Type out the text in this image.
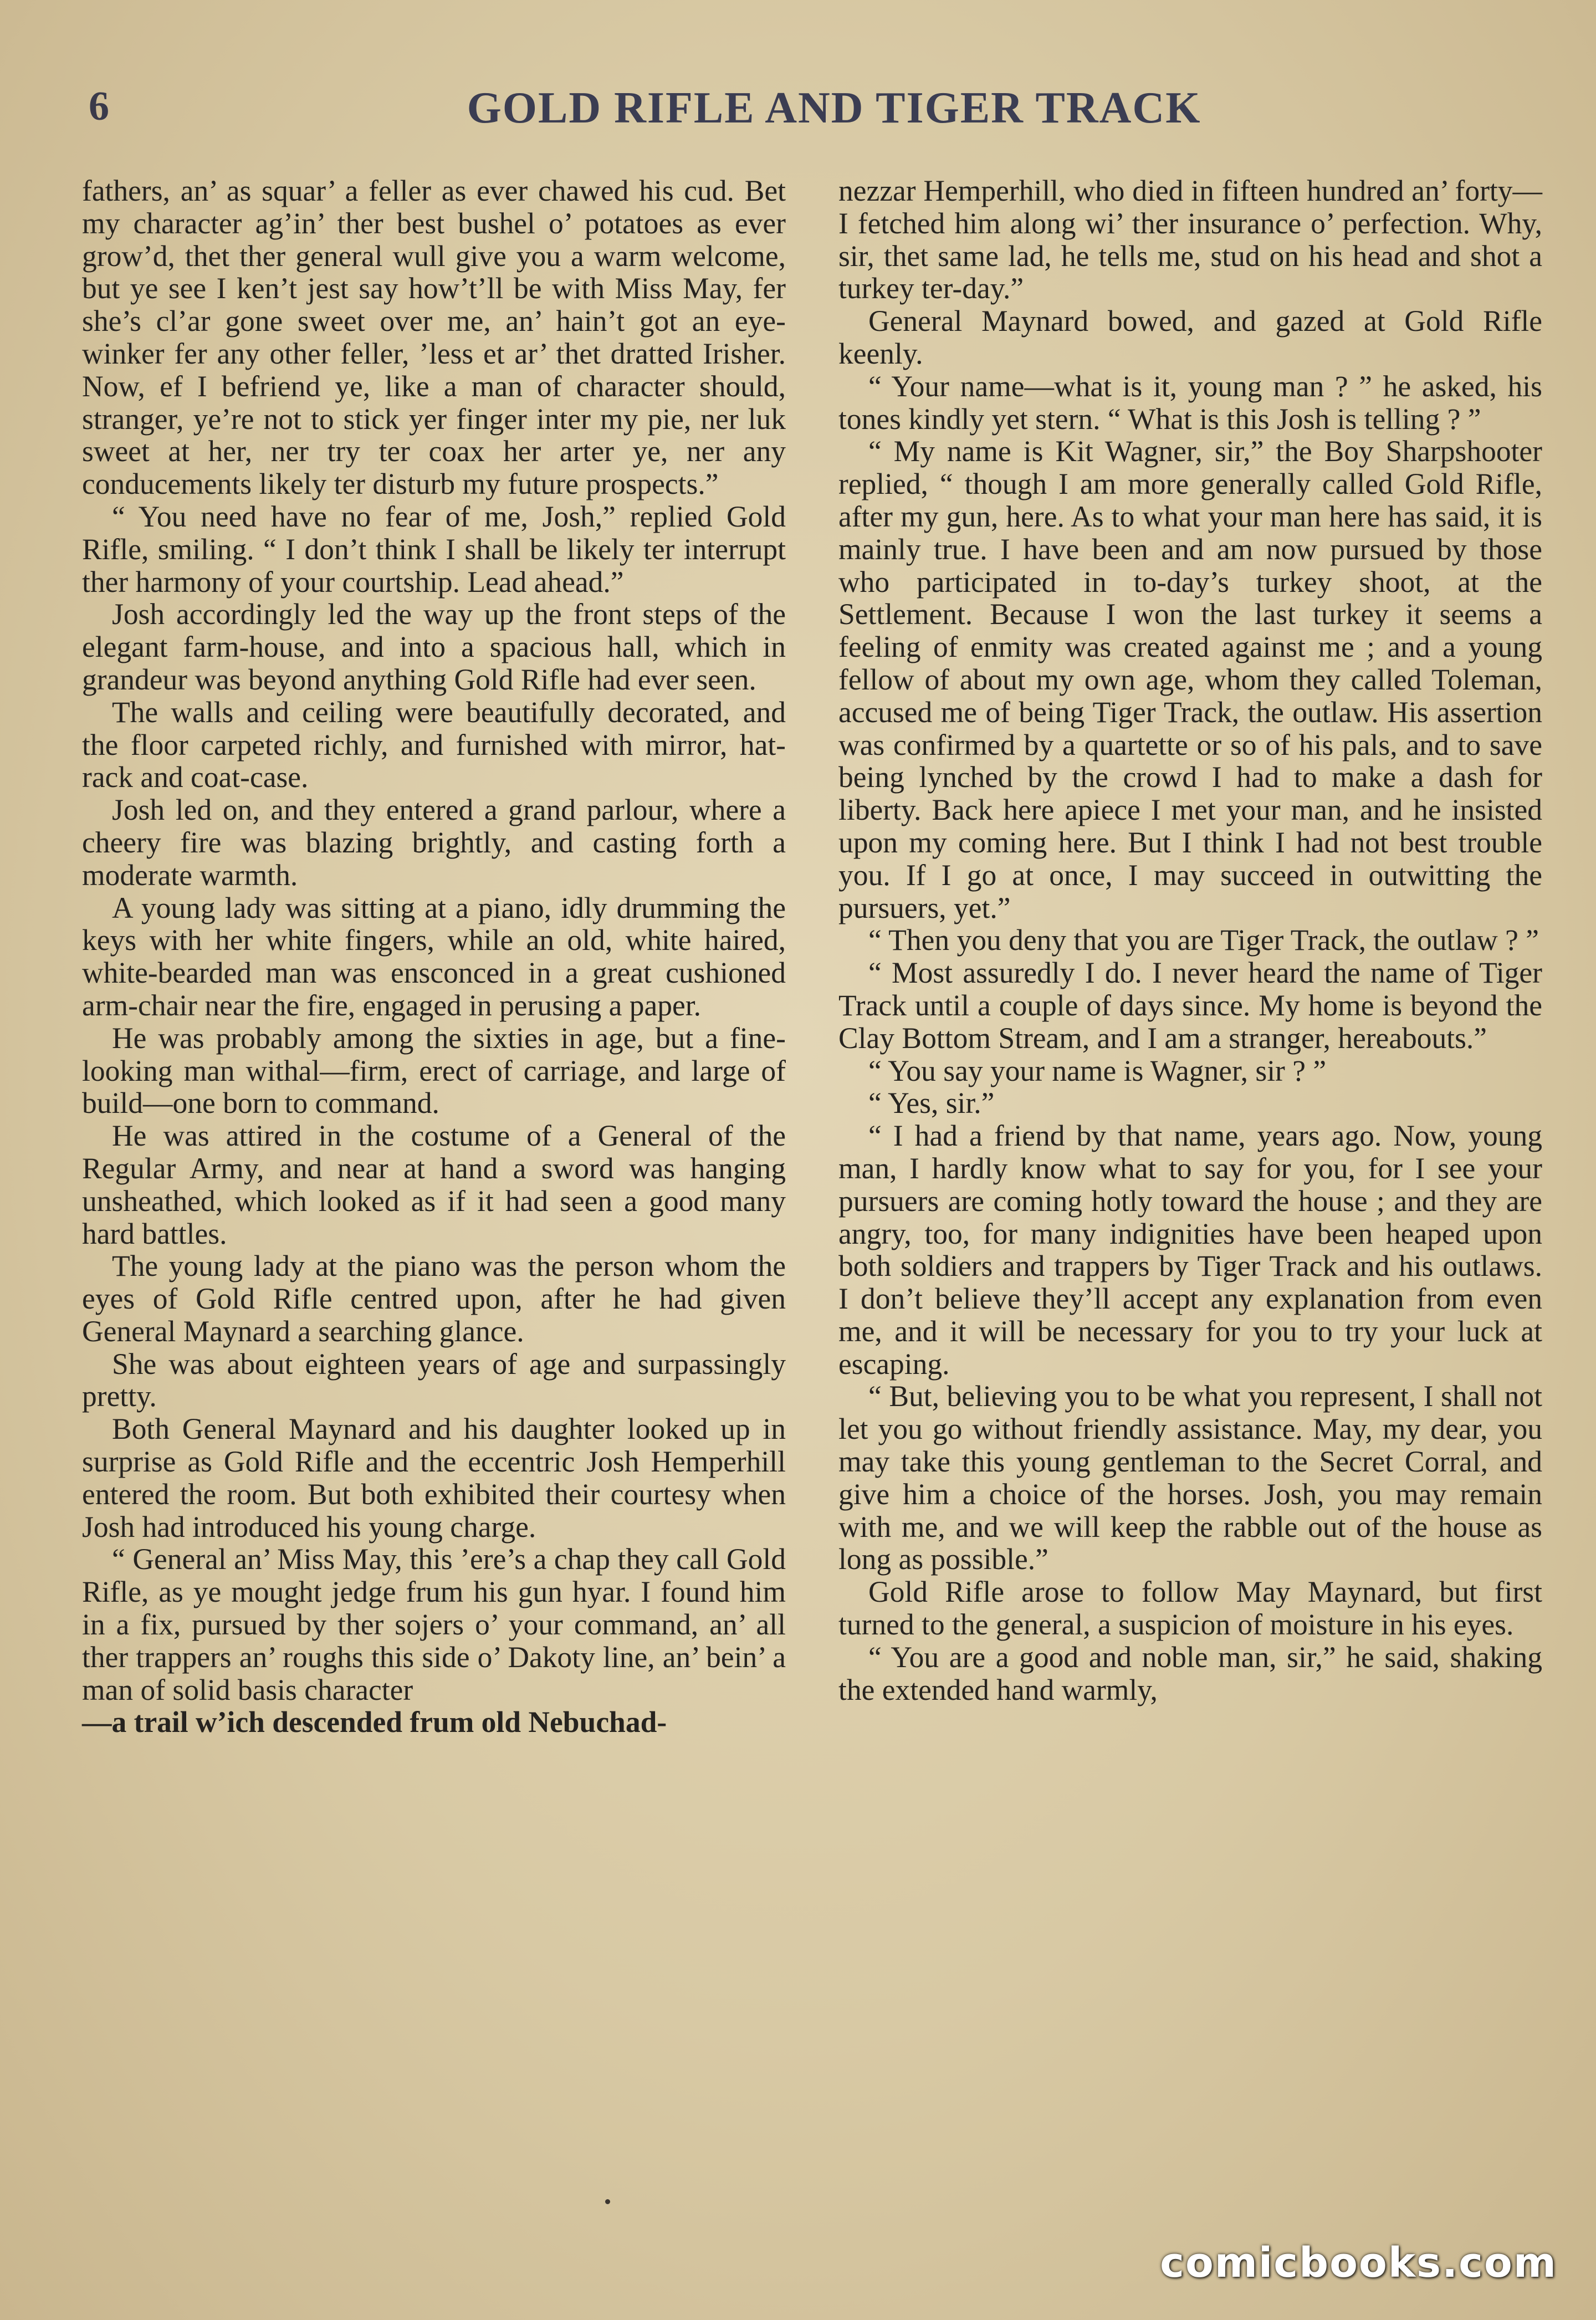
6	GOLD RIFLE AND TIGER TRACK

fathers, an’ as squar’ a feller as ever chawed his cud. Bet my character ag’in’ ther best bushel o’ potatoes as ever grow’d, thet ther general wull give you a warm welcome, but ye see I ken’t jest say how’t’ll be with Miss May, fer she’s cl’ar gone sweet over me, an’ hain’t got an eye-winker fer any other feller, ’less et ar’ thet dratted Irisher. Now, ef I befriend ye, like a man of character should, stranger, ye’re not to stick yer finger inter my pie, ner luk sweet at her, ner try ter coax her arter ye, ner any conducements likely ter disturb my future prospects.”

“ You need have no fear of me, Josh,” replied Gold Rifle, smiling. “ I don’t think I shall be likely ter interrupt ther harmony of your courtship. Lead ahead.”

Josh accordingly led the way up the front steps of the elegant farm-house, and into a spacious hall, which in grandeur was beyond anything Gold Rifle had ever seen.

The walls and ceiling were beautifully decorated, and the floor carpeted richly, and furnished with mirror, hat-rack and coat-case.

Josh led on, and they entered a grand parlour, where a cheery fire was blazing brightly, and casting forth a moderate warmth.

A young lady was sitting at a piano, idly drumming the keys with her white fingers, while an old, white haired, white-bearded man was ensconced in a great cushioned arm-chair near the fire, engaged in perusing a paper.

He was probably among the sixties in age, but a fine-looking man withal—firm, erect of carriage, and large of build—one born to command.

He was attired in the costume of a General of the Regular Army, and near at hand a sword was hanging unsheathed, which looked as if it had seen a good many hard battles.

The young lady at the piano was the person whom the eyes of Gold Rifle centred upon, after he had given General Maynard a searching glance.

She was about eighteen years of age and surpassingly pretty.

Both General Maynard and his daughter looked up in surprise as Gold Rifle and the eccentric Josh Hemperhill entered the room. But both exhibited their courtesy when Josh had introduced his young charge.

“ General an’ Miss May, this ’ere’s a chap they call Gold Rifle, as ye mought jedge frum his gun hyar. I found him in a fix, pursued by ther sojers o’ your command, an’ all ther trappers an’ roughs this side o’ Dakoty line, an’ bein’ a man of solid basis character

—a trail w’ich descended frum old Nebuchad-

nezzar Hemperhill, who died in fifteen hundred an’ forty—I fetched him along wi’ ther insurance o’ perfection. Why, sir, thet same lad, he tells me, stud on his head and shot a turkey ter-day.”

General Maynard bowed, and gazed at Gold Rifle keenly.

“ Your name—what is it, young man ? ” he asked, his tones kindly yet stern. “ What is this Josh is telling ? ”

“ My name is Kit Wagner, sir,” the Boy Sharpshooter replied, “ though I am more generally called Gold Rifle, after my gun, here. As to what your man here has said, it is mainly true. I have been and am now pursued by those who participated in to-day’s turkey shoot, at the Settlement. Because I won the last turkey it seems a feeling of enmity was created against me ; and a young fellow of about my own age, whom they called Toleman, accused me of being Tiger Track, the outlaw. His assertion was confirmed by a quartette or so of his pals, and to save being lynched by the crowd I had to make a dash for liberty. Back here apiece I met your man, and he insisted upon my coming here. But I think I had not best trouble you. If I go at once, I may succeed in outwitting the pursuers, yet.”

“ Then you deny that you are Tiger Track, the outlaw ? ”

“ Most assuredly I do. I never heard the name of Tiger Track until a couple of days since. My home is beyond the Clay Bottom Stream, and I am a stranger, hereabouts.”

“ You say your name is Wagner, sir ? ”

“ Yes, sir.”

“ I had a friend by that name, years ago. Now, young man, I hardly know what to say for you, for I see your pursuers are coming hotly toward the house ; and they are angry, too, for many indignities have been heaped upon both soldiers and trappers by Tiger Track and his outlaws. I don’t believe they’ll accept any explanation from even me, and it will be necessary for you to try your luck at escaping.

“ But, believing you to be what you represent, I shall not let you go without friendly assistance. May, my dear, you may take this young gentleman to the Secret Corral, and give him a choice of the horses. Josh, you may remain with me, and we will keep the rabble out of the house as long as possible.”

Gold Rifle arose to follow May Maynard, but first turned to the general, a suspicion of moisture in his eyes.

“ You are a good and noble man, sir,” he said, shaking the extended hand warmly,

comicbooks.com
